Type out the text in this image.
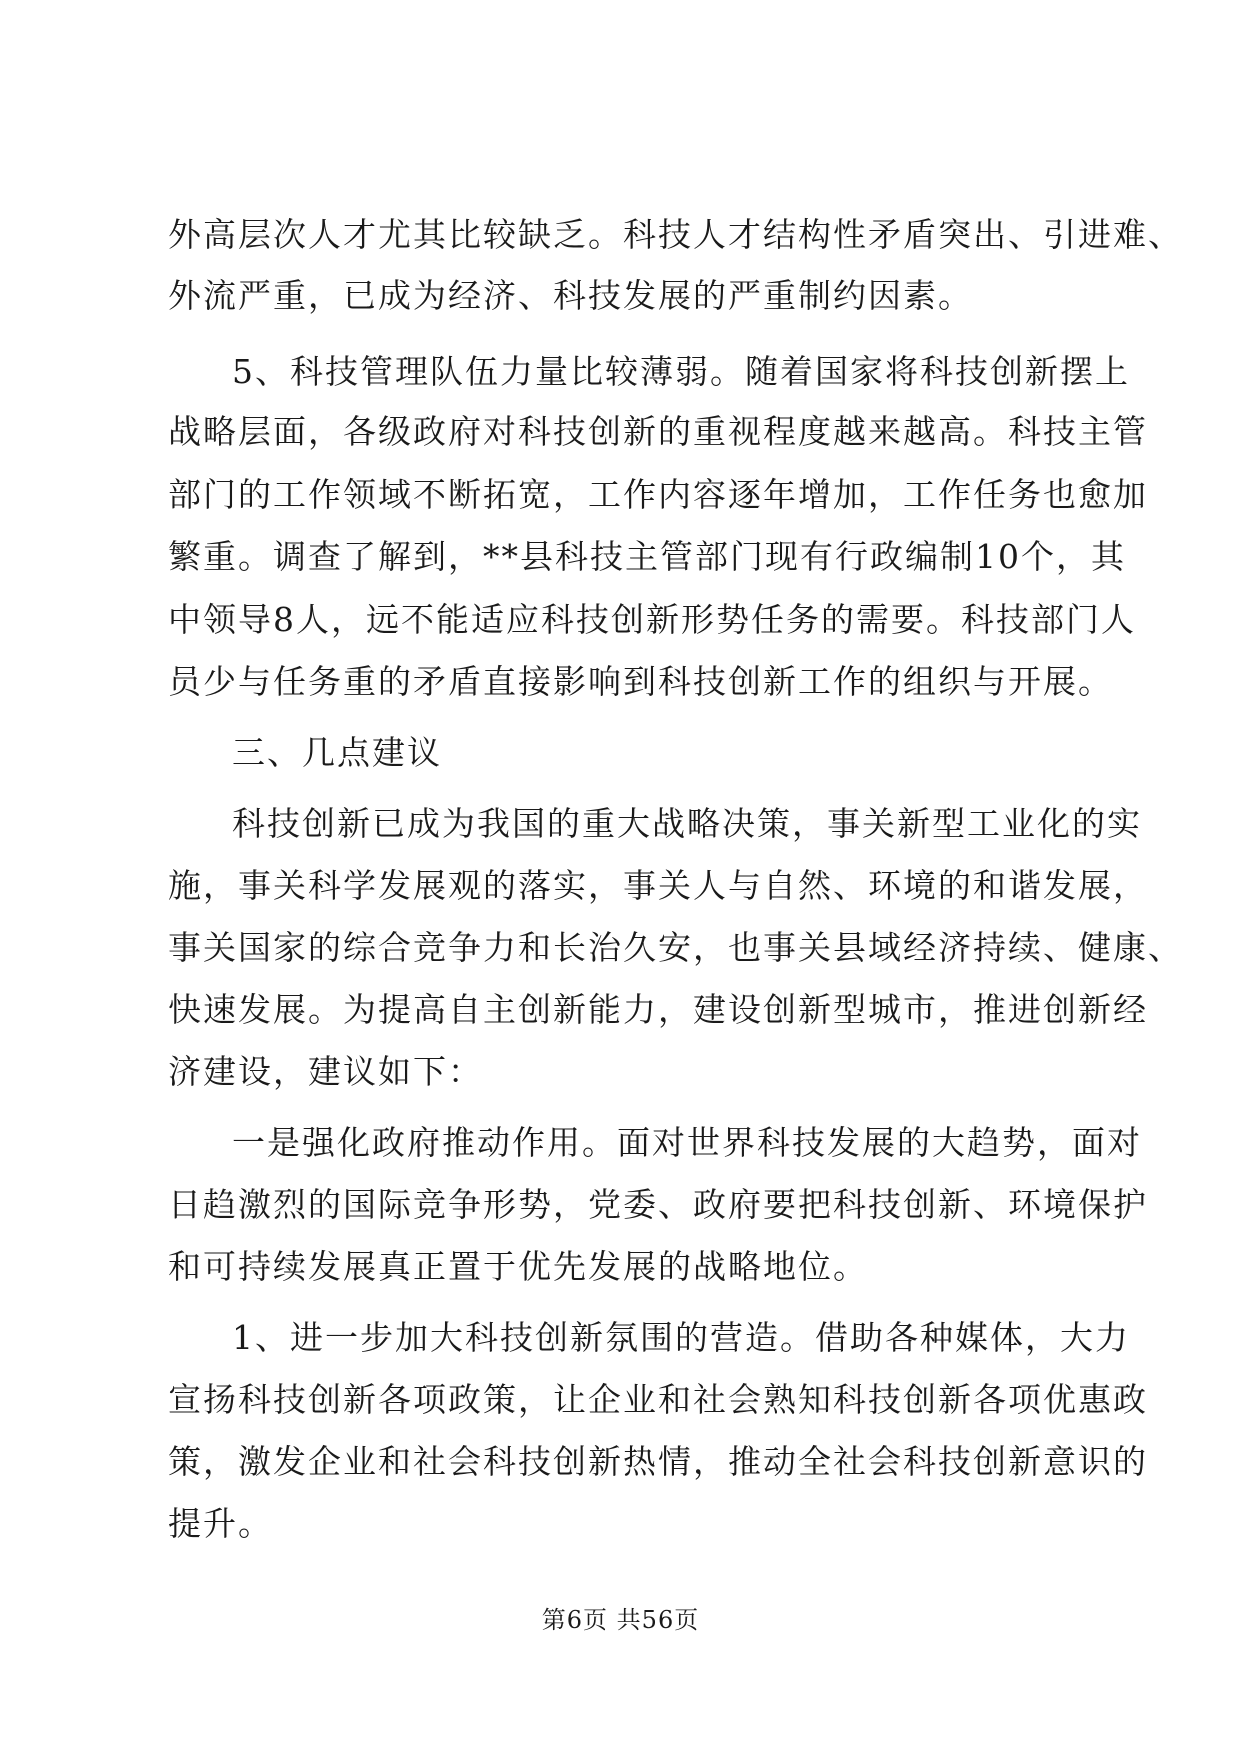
外高层次人才尤其比较缺乏。科技人才结构性矛盾突出、引进难、
外流严重，已成为经济、科技发展的严重制约因素。
5、科技管理队伍力量比较薄弱。随着国家将科技创新摆上
战略层面，各级政府对科技创新的重视程度越来越高。科技主管
部门的工作领域不断拓宽，工作内容逐年增加，工作任务也愈加
繁重。调查了解到，**县科技主管部门现有行政编制10个，其
中领导8人，远不能适应科技创新形势任务的需要。科技部门人
员少与任务重的矛盾直接影响到科技创新工作的组织与开展。
三、几点建议
科技创新已成为我国的重大战略决策，事关新型工业化的实
施，事关科学发展观的落实，事关人与自然、环境的和谐发展，
事关国家的综合竞争力和长治久安，也事关县域经济持续、健康、
快速发展。为提高自主创新能力，建设创新型城市，推进创新经
济建设，建议如下：
一是强化政府推动作用。面对世界科技发展的大趋势，面对
日趋激烈的国际竞争形势，党委、政府要把科技创新、环境保护
和可持续发展真正置于优先发展的战略地位。
1、进一步加大科技创新氛围的营造。借助各种媒体，大力
宣扬科技创新各项政策，让企业和社会熟知科技创新各项优惠政
策，激发企业和社会科技创新热情，推动全社会科技创新意识的
提升。
第6页 共56页
